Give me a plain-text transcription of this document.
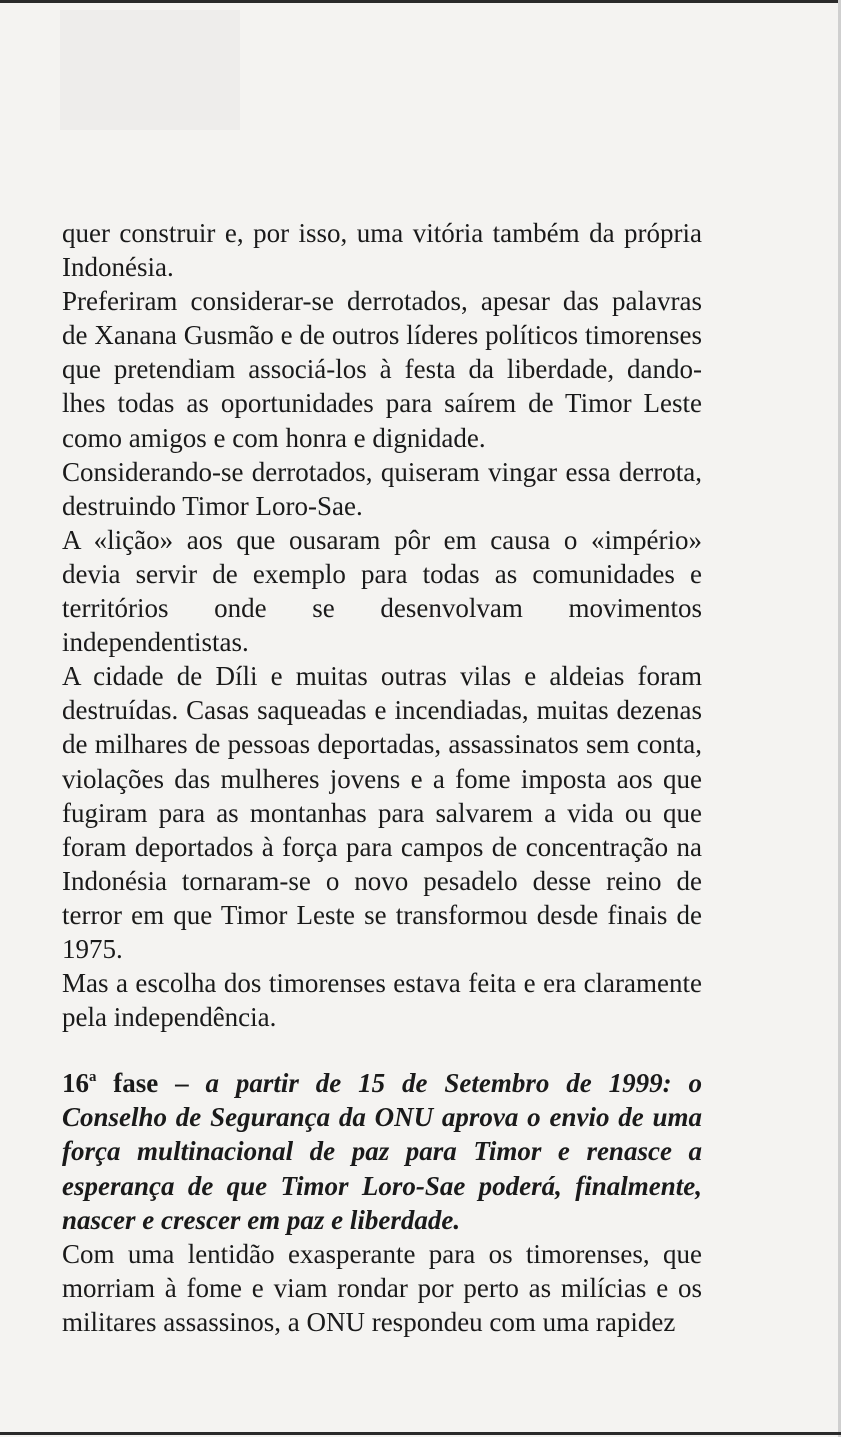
quer construir e, por isso, uma vitória também da própria Indonésia.

Preferiram considerar-se derrotados, apesar das palavras de Xanana Gusmão e de outros líderes políticos timorenses que pretendiam associá-los à festa da liberdade, dando-lhes todas as oportunidades para saírem de Timor Leste como amigos e com honra e dignidade.

Considerando-se derrotados, quiseram vingar essa derrota, destruindo Timor Loro-Sae.

A «lição» aos que ousaram pôr em causa o «império» devia servir de exemplo para todas as comunidades e territórios onde se desenvolvam movimentos independentistas.

A cidade de Díli e muitas outras vilas e aldeias foram destruídas. Casas saqueadas e incendiadas, muitas dezenas de milhares de pessoas deportadas, assassinatos sem conta, violações das mulheres jovens e a fome imposta aos que fugiram para as montanhas para salvarem a vida ou que foram deportados à força para campos de concentração na Indonésia tornaram-se o novo pesadelo desse reino de terror em que Timor Leste se transformou desde finais de 1975.

Mas a escolha dos timorenses estava feita e era claramente pela independência.

16$^a$ fase – a partir de 15 de Setembro de 1999: o Conselho de Segurança da ONU aprova o envio de uma força multinacional de paz para Timor e renasce a esperança de que Timor Loro-Sae poderá, finalmente, nascer e crescer em paz e liberdade.

Com uma lentidão exasperante para os timorenses, que morriam à fome e viam rondar por perto as milícias e os militares assassinos, a ONU respondeu com uma rapidez
